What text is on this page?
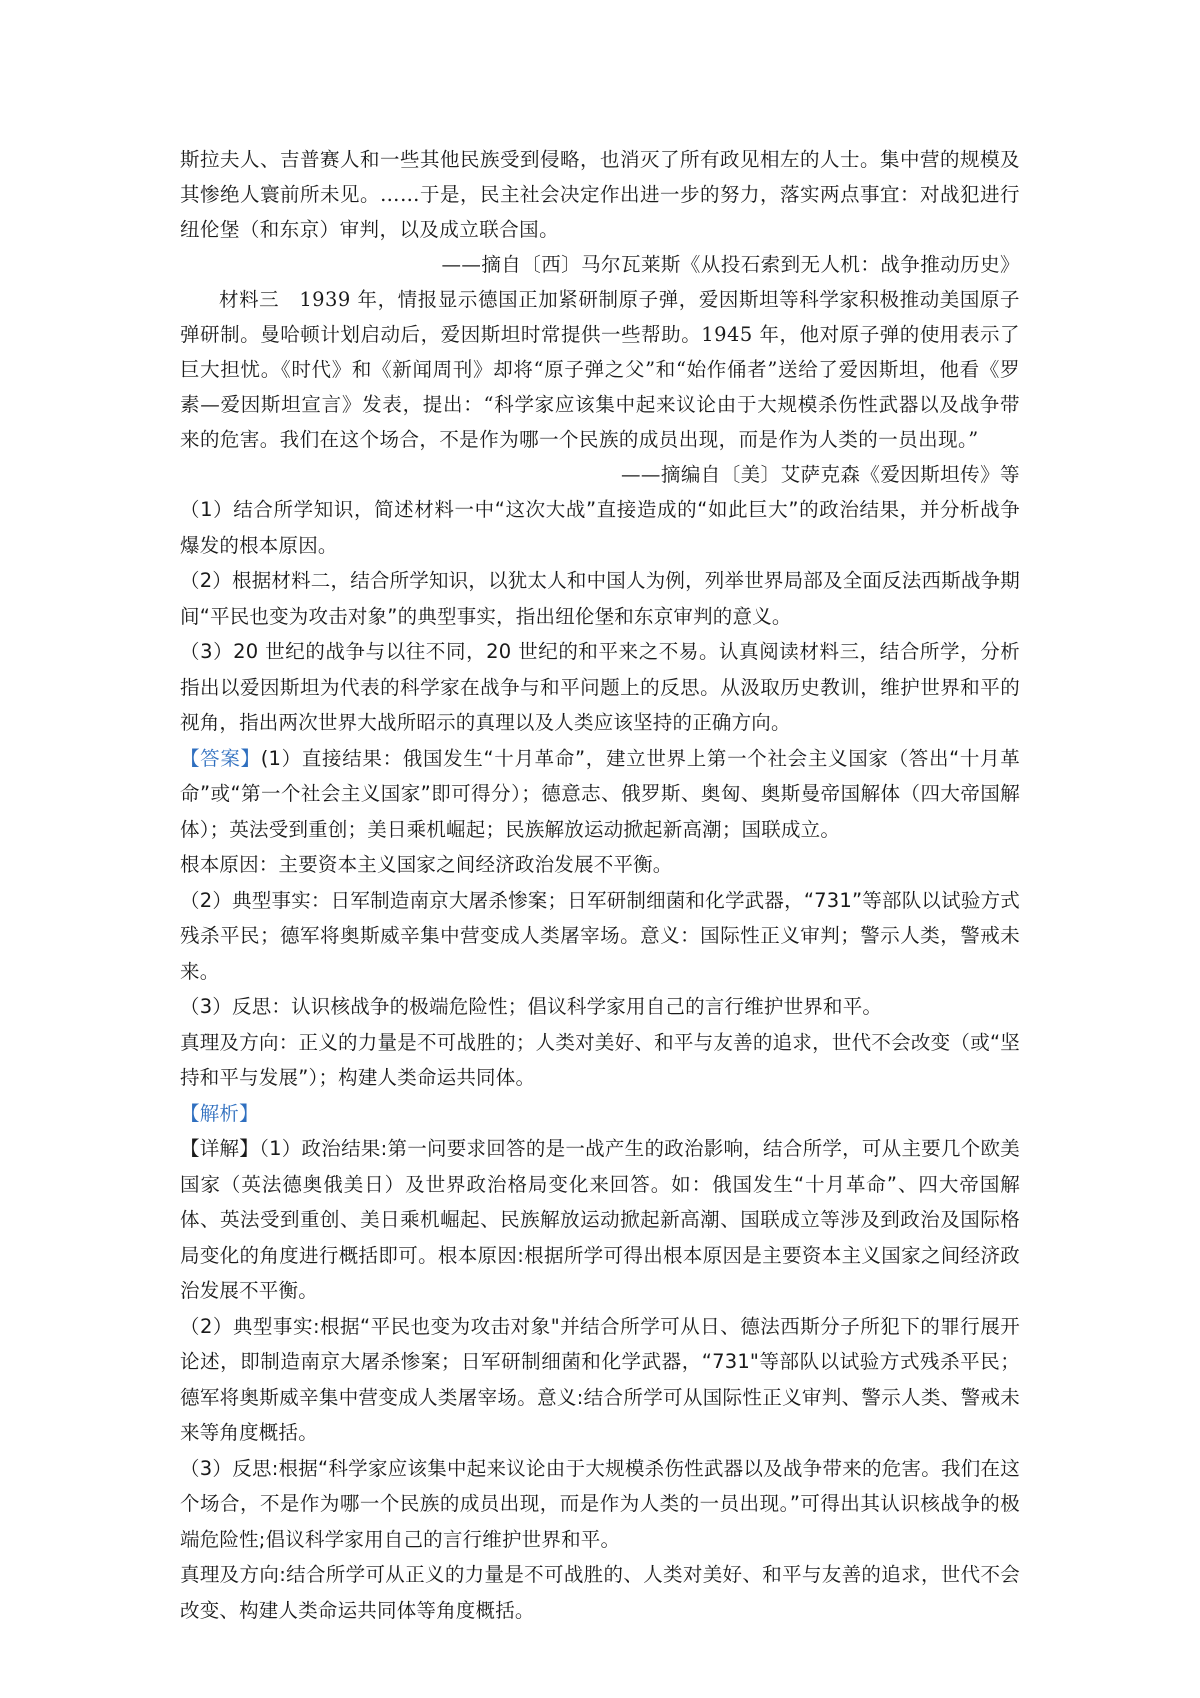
斯拉夫人、吉普赛人和一些其他民族受到侵略，也消灭了所有政见相左的人士。集中营的规模及其惨绝人寰前所未见。……于是，民主社会决定作出进一步的努力，落实两点事宜：对战犯进行纽伦堡（和东京）审判，以及成立联合国。

——摘自〔西〕马尔瓦莱斯《从投石索到无人机：战争推动历史》

材料三　1939 年，情报显示德国正加紧研制原子弹，爱因斯坦等科学家积极推动美国原子弹研制。曼哈顿计划启动后，爱因斯坦时常提供一些帮助。1945 年，他对原子弹的使用表示了巨大担忧。《时代》和《新闻周刊》却将“原子弹之父”和“始作俑者”送给了爱因斯坦，他看《罗素—爱因斯坦宣言》发表，提出：“科学家应该集中起来议论由于大规模杀伤性武器以及战争带来的危害。我们在这个场合，不是作为哪一个民族的成员出现，而是作为人类的一员出现。”

——摘编自〔美〕艾萨克森《爱因斯坦传》等

（1）结合所学知识，简述材料一中“这次大战”直接造成的“如此巨大”的政治结果，并分析战争爆发的根本原因。

（2）根据材料二，结合所学知识，以犹太人和中国人为例，列举世界局部及全面反法西斯战争期间“平民也变为攻击对象”的典型事实，指出纽伦堡和东京审判的意义。

（3）20 世纪的战争与以往不同，20 世纪的和平来之不易。认真阅读材料三，结合所学，分析指出以爱因斯坦为代表的科学家在战争与和平问题上的反思。从汲取历史教训，维护世界和平的视角，指出两次世界大战所昭示的真理以及人类应该坚持的正确方向。

【答案】(1）直接结果：俄国发生“十月革命”，建立世界上第一个社会主义国家（答出“十月革命”或“第一个社会主义国家”即可得分）；德意志、俄罗斯、奥匈、奥斯曼帝国解体（四大帝国解体）；英法受到重创；美日乘机崛起；民族解放运动掀起新高潮；国联成立。

根本原因：主要资本主义国家之间经济政治发展不平衡。

（2）典型事实：日军制造南京大屠杀惨案；日军研制细菌和化学武器，“731”等部队以试验方式残杀平民；德军将奥斯威辛集中营变成人类屠宰场。意义：国际性正义审判；警示人类，警戒未来。

（3）反思：认识核战争的极端危险性；倡议科学家用自己的言行维护世界和平。

真理及方向：正义的力量是不可战胜的；人类对美好、和平与友善的追求，世代不会改变（或“坚持和平与发展”）；构建人类命运共同体。

【解析】

【详解】（1）政治结果:第一问要求回答的是一战产生的政治影响，结合所学，可从主要几个欧美国家（英法德奥俄美日）及世界政治格局变化来回答。如：俄国发生“十月革命”、四大帝国解体、英法受到重创、美日乘机崛起、民族解放运动掀起新高潮、国联成立等涉及到政治及国际格局变化的角度进行概括即可。根本原因:根据所学可得出根本原因是主要资本主义国家之间经济政治发展不平衡。

（2）典型事实:根据“平民也变为攻击对象"并结合所学可从日、德法西斯分子所犯下的罪行展开论述，即制造南京大屠杀惨案；日军研制细菌和化学武器，“731"等部队以试验方式残杀平民；德军将奥斯威辛集中营变成人类屠宰场。意义:结合所学可从国际性正义审判、警示人类、警戒未来等角度概括。

（3）反思:根据“科学家应该集中起来议论由于大规模杀伤性武器以及战争带来的危害。我们在这个场合，不是作为哪一个民族的成员出现，而是作为人类的一员出现。”可得出其认识核战争的极端危险性;倡议科学家用自己的言行维护世界和平。

真理及方向:结合所学可从正义的力量是不可战胜的、人类对美好、和平与友善的追求，世代不会改变、构建人类命运共同体等角度概括。
